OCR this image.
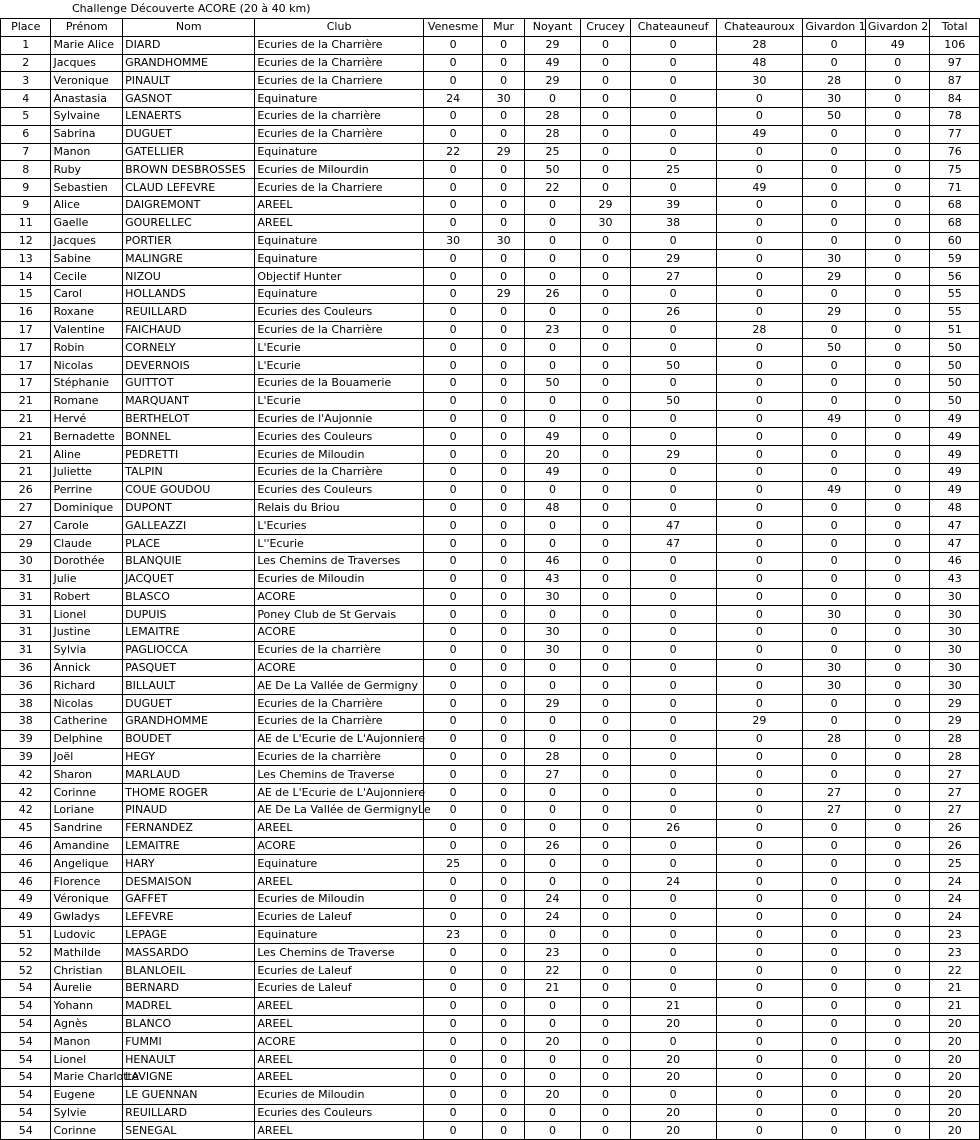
Challenge Découverte ACORE (20 à 40 km)
Place	Prénom	Nom	Club	Venesme	Mur	Noyant	Crucey	Chateauneuf	Chateauroux	Givardon 1	Givardon 2	Total
1	Marie Alice	DIARD	Ecuries de la Charrière	0	0	29	0	0	28	0	49	106
2	Jacques	GRANDHOMME	Ecuries de la Charrière	0	0	49	0	0	48	0	0	97
3	Veronique	PINAULT	Ecuries de la Charriere	0	0	29	0	0	30	28	0	87
4	Anastasia	GASNOT	Equinature	24	30	0	0	0	0	30	0	84
5	Sylvaine	LENAERTS	Ecuries de la charrière	0	0	28	0	0	0	50	0	78
6	Sabrina	DUGUET	Ecuries de la Charrière	0	0	28	0	0	49	0	0	77
7	Manon	GATELLIER	Equinature	22	29	25	0	0	0	0	0	76
8	Ruby	BROWN DESBROSSES	Ecuries de Milourdin	0	0	50	0	25	0	0	0	75
9	Sebastien	CLAUD LEFEVRE	Ecuries de la Charriere	0	0	22	0	0	49	0	0	71
9	Alice	DAIGREMONT	AREEL	0	0	0	29	39	0	0	0	68
11	Gaelle	GOURELLEC	AREEL	0	0	0	30	38	0	0	0	68
12	Jacques	PORTIER	Equinature	30	30	0	0	0	0	0	0	60
13	Sabine	MALINGRE	Equinature	0	0	0	0	29	0	30	0	59
14	Cecile	NIZOU	Objectif Hunter	0	0	0	0	27	0	29	0	56
15	Carol	HOLLANDS	Equinature	0	29	26	0	0	0	0	0	55
16	Roxane	REUILLARD	Ecuries des Couleurs	0	0	0	0	26	0	29	0	55
17	Valentine	FAICHAUD	Ecuries de la Charrière	0	0	23	0	0	28	0	0	51
17	Robin	CORNELY	L'Ecurie	0	0	0	0	0	0	50	0	50
17	Nicolas	DEVERNOIS	L'Ecurie	0	0	0	0	50	0	0	0	50
17	Stéphanie	GUITTOT	Ecuries de la Bouamerie	0	0	50	0	0	0	0	0	50
21	Romane	MARQUANT	L'Ecurie	0	0	0	0	50	0	0	0	50
21	Hervé	BERTHELOT	Ecuries de l'Aujonnie	0	0	0	0	0	0	49	0	49
21	Bernadette	BONNEL	Ecuries des Couleurs	0	0	49	0	0	0	0	0	49
21	Aline	PEDRETTI	Ecuries de Miloudin	0	0	20	0	29	0	0	0	49
21	Juliette	TALPIN	Ecuries de la Charrière	0	0	49	0	0	0	0	0	49
26	Perrine	COUE GOUDOU	Ecuries des Couleurs	0	0	0	0	0	0	49	0	49
27	Dominique	DUPONT	Relais du Briou	0	0	48	0	0	0	0	0	48
27	Carole	GALLEAZZI	L'Ecuries	0	0	0	0	47	0	0	0	47
29	Claude	PLACE	L''Ecurie	0	0	0	0	47	0	0	0	47
30	Dorothée	BLANQUIE	Les Chemins de Traverses	0	0	46	0	0	0	0	0	46
31	Julie	JACQUET	Ecuries de Miloudin	0	0	43	0	0	0	0	0	43
31	Robert	BLASCO	ACORE	0	0	30	0	0	0	0	0	30
31	Lionel	DUPUIS	Poney Club de St Gervais	0	0	0	0	0	0	30	0	30
31	Justine	LEMAITRE	ACORE	0	0	30	0	0	0	0	0	30
31	Sylvia	PAGLIOCCA	Ecuries de la charrière	0	0	30	0	0	0	0	0	30
36	Annick	PASQUET	ACORE	0	0	0	0	0	0	30	0	30
36	Richard	BILLAULT	AE De La Vallée de Germigny	0	0	0	0	0	0	30	0	30
38	Nicolas	DUGUET	Ecuries de la Charrière	0	0	29	0	0	0	0	0	29
38	Catherine	GRANDHOMME	Ecuries de la Charrière	0	0	0	0	0	29	0	0	29
39	Delphine	BOUDET	AE de L'Ecurie de L'Aujonniere	0	0	0	0	0	0	28	0	28
39	Joël	HEGY	Ecuries de la charrière	0	0	28	0	0	0	0	0	28
42	Sharon	MARLAUD	Les Chemins de Traverse	0	0	27	0	0	0	0	0	27
42	Corinne	THOME ROGER	AE de L'Ecurie de L'Aujonniere	0	0	0	0	0	0	27	0	27
42	Loriane	PINAUD	AE De La Vallée de GermignyLe	0	0	0	0	0	0	27	0	27
45	Sandrine	FERNANDEZ	AREEL	0	0	0	0	26	0	0	0	26
46	Amandine	LEMAITRE	ACORE	0	0	26	0	0	0	0	0	26
46	Angelique	HARY	Equinature	25	0	0	0	0	0	0	0	25
46	Florence	DESMAISON	AREEL	0	0	0	0	24	0	0	0	24
49	Véronique	GAFFET	Ecuries de Miloudin	0	0	24	0	0	0	0	0	24
49	Gwladys	LEFEVRE	Ecuries de Laleuf	0	0	24	0	0	0	0	0	24
51	Ludovic	LEPAGE	Equinature	23	0	0	0	0	0	0	0	23
52	Mathilde	MASSARDO	Les Chemins de Traverse	0	0	23	0	0	0	0	0	23
52	Christian	BLANLOEIL	Ecuries de Laleuf	0	0	22	0	0	0	0	0	22
54	Aurelie	BERNARD	Ecuries de Laleuf	0	0	21	0	0	0	0	0	21
54	Yohann	MADREL	AREEL	0	0	0	0	21	0	0	0	21
54	Agnès	BLANCO	AREEL	0	0	0	0	20	0	0	0	20
54	Manon	FUMMI	ACORE	0	0	20	0	0	0	0	0	20
54	Lionel	HENAULT	AREEL	0	0	0	0	20	0	0	0	20
54	Marie Charlotte	LAVIGNE	AREEL	0	0	0	0	20	0	0	0	20
54	Eugene	LE GUENNAN	Ecuries de Miloudin	0	0	20	0	0	0	0	0	20
54	Sylvie	REUILLARD	Ecuries des Couleurs	0	0	0	0	20	0	0	0	20
54	Corinne	SENEGAL	AREEL	0	0	0	0	20	0	0	0	20
